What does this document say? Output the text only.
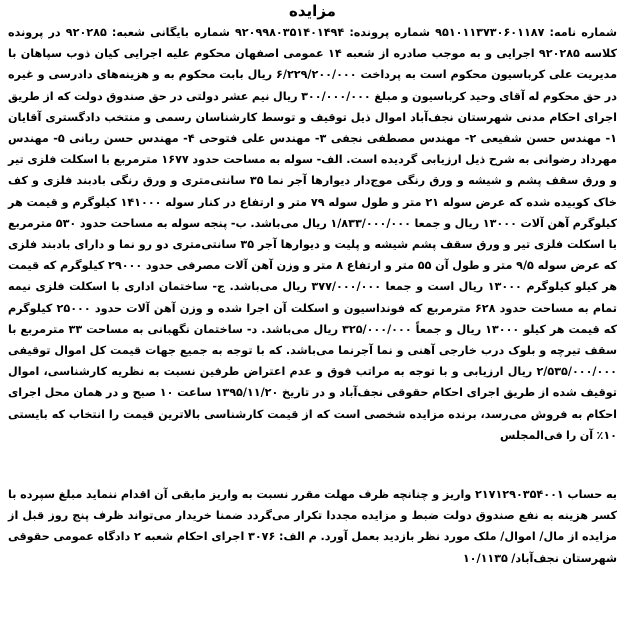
مزایده

شماره نامه: ۹۵۱۰۱۱۳۷۳۰۶۰۱۱۸۷ شماره پرونده: ۹۲۰۹۹۸۰۳۵۱۴۰۱۴۹۴ شماره بایگانی شعبه: ۹۲۰۲۸۵ در پرونده کلاسه ۹۲۰۲۸۵ اجرایی و به موجب صادره از شعبه ۱۴ عمومی اصفهان محکوم علیه اجرایی کیان ذوب سپاهان با مدیریت علی کرباسیون محکوم است به پرداخت ۶/۲۲۹/۲۰۰/۰۰۰ ریال بابت محکوم به و هزینه‌های دادرسی و غیره در حق محکوم له آقای وحید کرباسیون و مبلغ ۳۰۰/۰۰۰/۰۰۰ ریال نیم عشر دولتی در حق صندوق دولت که از طریق اجرای احکام مدنی شهرستان نجف‌آباد اموال ذیل توقیف و توسط کارشناسان رسمی و منتخب دادگستری آقایان ۱- مهندس حسن شفیعی ۲- مهندس مصطفی نجفی ۳- مهندس علی فتوحی ۴- مهندس حسن ربانی ۵- مهندس مهرداد رضوانی به شرح ذیل ارزیابی گردیده است. الف- سوله به مساحت حدود ۱۶۷۷ مترمربع با اسکلت فلزی تیر و ورق سقف پشم و شیشه و ورق رنگی موج‌دار دیوارها آجر نما ۳۵ سانتی‌متری و ورق رنگی بادبند فلزی و کف خاک کوبیده شده که عرض سوله ۲۱ متر و طول سوله ۷۹ متر و ارتفاع در کنار سوله ۱۴۱۰۰۰ کیلوگرم و قیمت هر کیلوگرم آهن آلات ۱۳۰۰۰ ریال و جمعا ۱/۸۳۳/۰۰۰/۰۰۰ ریال می‌باشد. ب- پنجه سوله به مساحت حدود ۵۳۰ مترمربع با اسکلت فلزی تیر و ورق سقف پشم شیشه و پلیت و دیوارها آجر ۳۵ سانتی‌متری دو رو نما و دارای بادبند فلزی که عرض سوله ۹/۵ متر و طول آن ۵۵ متر و ارتفاع ۸ متر و وزن آهن آلات مصرفی حدود ۲۹۰۰۰ کیلوگرم که قیمت هر کیلو کیلوگرم ۱۳۰۰۰ ریال است و جمعا ۳۷۷/۰۰۰/۰۰۰ ریال می‌باشد. ج- ساختمان اداری با اسکلت فلزی نیمه تمام به مساحت حدود ۶۲۸ مترمربع که فونداسیون و اسکلت آن اجرا شده و وزن آهن آلات حدود ۲۵۰۰۰ کیلوگرم که قیمت هر کیلو ۱۳۰۰۰ ریال و جمعاً ۳۲۵/۰۰۰/۰۰۰ ریال می‌باشد. د- ساختمان نگهبانی به مساحت ۳۳ مترمربع با سقف تیرچه و بلوک درب خارجی آهنی و نما آجرنما می‌باشد. که با توجه به جمیع جهات قیمت کل اموال توقیفی ۲/۵۳۵/۰۰۰/۰۰۰ ریال ارزیابی و با توجه به مراتب فوق و عدم اعتراض طرفین نسبت به نظریه کارشناسی، اموال توقیف شده از طریق اجرای احکام حقوقی نجف‌آباد و در تاریخ ۱۳۹۵/۱۱/۲۰ ساعت ۱۰ صبح و در همان محل اجرای احکام به فروش می‌رسد، برنده مزایده شخصی است که از قیمت کارشناسی بالاترین قیمت را انتخاب که بایستی ۱۰٪ آن را فی‌المجلس

به حساب ۲۱۷۱۲۹۰۳۵۴۰۰۱ واریز و چنانچه ظرف مهلت مقرر نسبت به واریز مابقی آن اقدام ننماید مبلغ سپرده با کسر هزینه به نفع صندوق دولت ضبط و مزایده مجددا تکرار می‌گردد ضمنا خریدار می‌تواند ظرف پنج روز قبل از مزایده از مال/ اموال/ ملک مورد نظر بازدید بعمل آورد. م الف: ۳۰۷۶ اجرای احکام شعبه ۲ دادگاه عمومی حقوقی شهرستان نجف‌آباد/ ۱۰/۱۱۳۵
